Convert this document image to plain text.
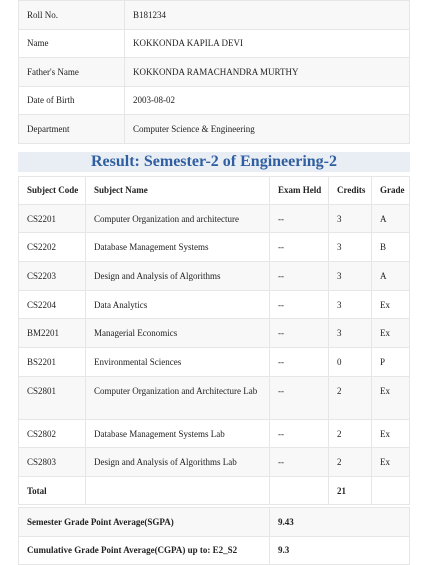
Roll No.	B181234
Name	KOKKONDA KAPILA DEVI
Father's Name	KOKKONDA RAMACHANDRA MURTHY
Date of Birth	2003-08-02
Department	Computer Science & Engineering
Result: Semester-2 of Engineering-2
Subject Code	Subject Name	Exam Held	Credits	Grade
CS2201	Computer Organization and architecture	--	3	A
CS2202	Database Management Systems	--	3	B
CS2203	Design and Analysis of Algorithms	--	3	A
CS2204	Data Analytics	--	3	Ex
BM2201	Managerial Economics	--	3	Ex
BS2201	Environmental Sciences	--	0	P
CS2801	Computer Organization and Architecture Lab	--	2	Ex
CS2802	Database Management Systems Lab	--	2	Ex
CS2803	Design and Analysis of Algorithms Lab	--	2	Ex
Total			21	
Semester Grade Point Average(SGPA)	9.43
Cumulative Grade Point Average(CGPA) up to: E2_S2	9.3
